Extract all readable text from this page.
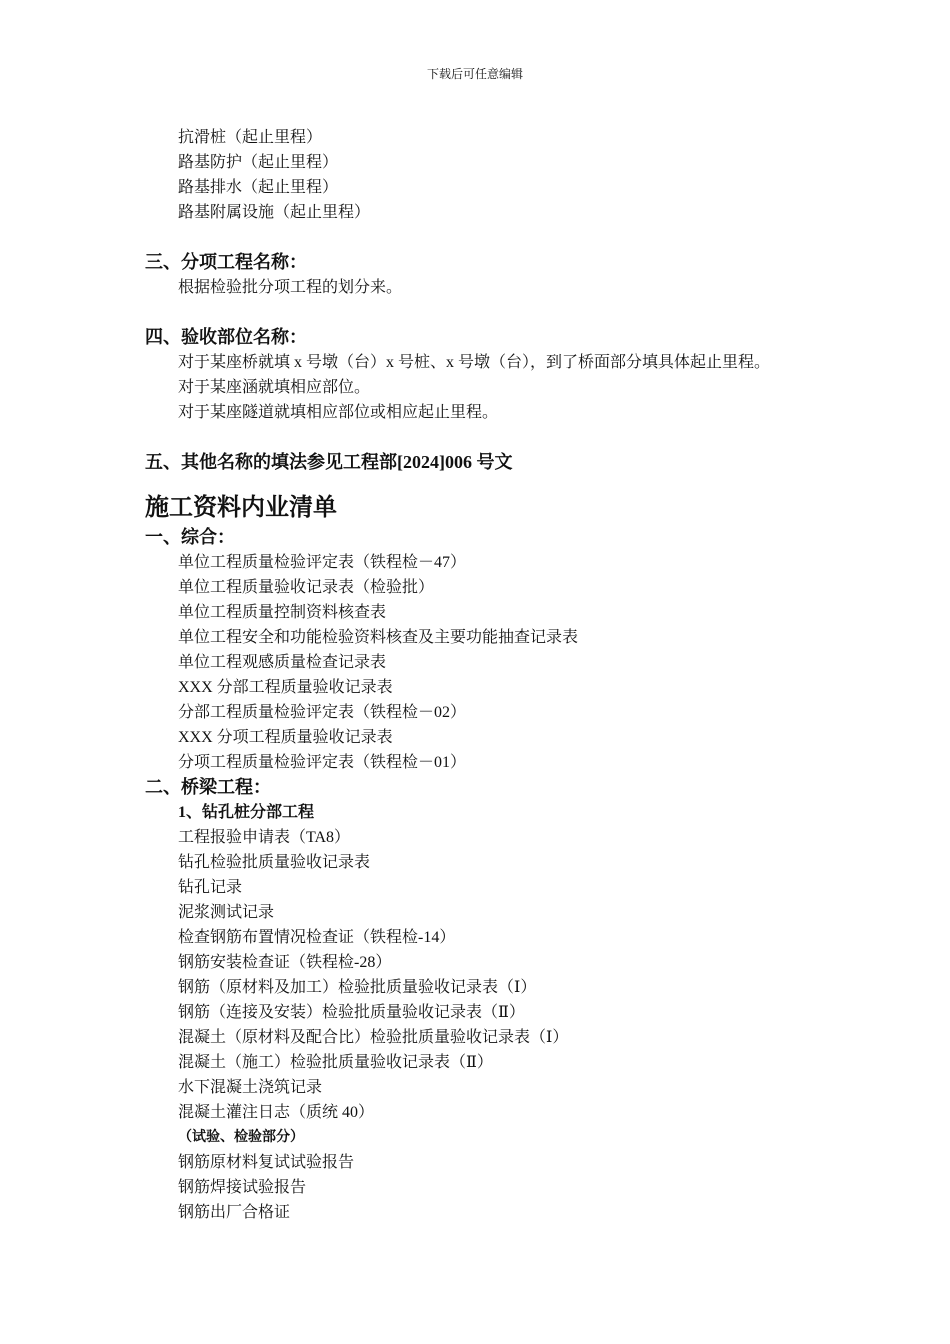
下载后可任意编辑
抗滑桩（起止里程）
路基防护（起止里程）
路基排水（起止里程）
路基附属设施（起止里程）
三、分项工程名称：
根据检验批分项工程的划分来。
四、验收部位名称：
对于某座桥就填 x 号墩（台）x 号桩、x 号墩（台），到了桥面部分填具体起止里程。
对于某座涵就填相应部位。
对于某座隧道就填相应部位或相应起止里程。
五、其他名称的填法参见工程部[2024]006 号文
施工资料内业清单
一、综合：
单位工程质量检验评定表（铁程检－47）
单位工程质量验收记录表（检验批）
单位工程质量控制资料核查表
单位工程安全和功能检验资料核查及主要功能抽查记录表
单位工程观感质量检查记录表
XXX 分部工程质量验收记录表
分部工程质量检验评定表（铁程检－02）
XXX 分项工程质量验收记录表
分项工程质量检验评定表（铁程检－01）
二、桥梁工程：
1、钻孔桩分部工程
工程报验申请表（TA8）
钻孔检验批质量验收记录表
钻孔记录
泥浆测试记录
检查钢筋布置情况检查证（铁程检-14）
钢筋安装检查证（铁程检-28）
钢筋（原材料及加工）检验批质量验收记录表（Ⅰ）
钢筋（连接及安装）检验批质量验收记录表（Ⅱ）
混凝土（原材料及配合比）检验批质量验收记录表（Ⅰ）
混凝土（施工）检验批质量验收记录表（Ⅱ）
水下混凝土浇筑记录
混凝土灌注日志（质统 40）
（试验、检验部分）
钢筋原材料复试试验报告
钢筋焊接试验报告
钢筋出厂合格证
